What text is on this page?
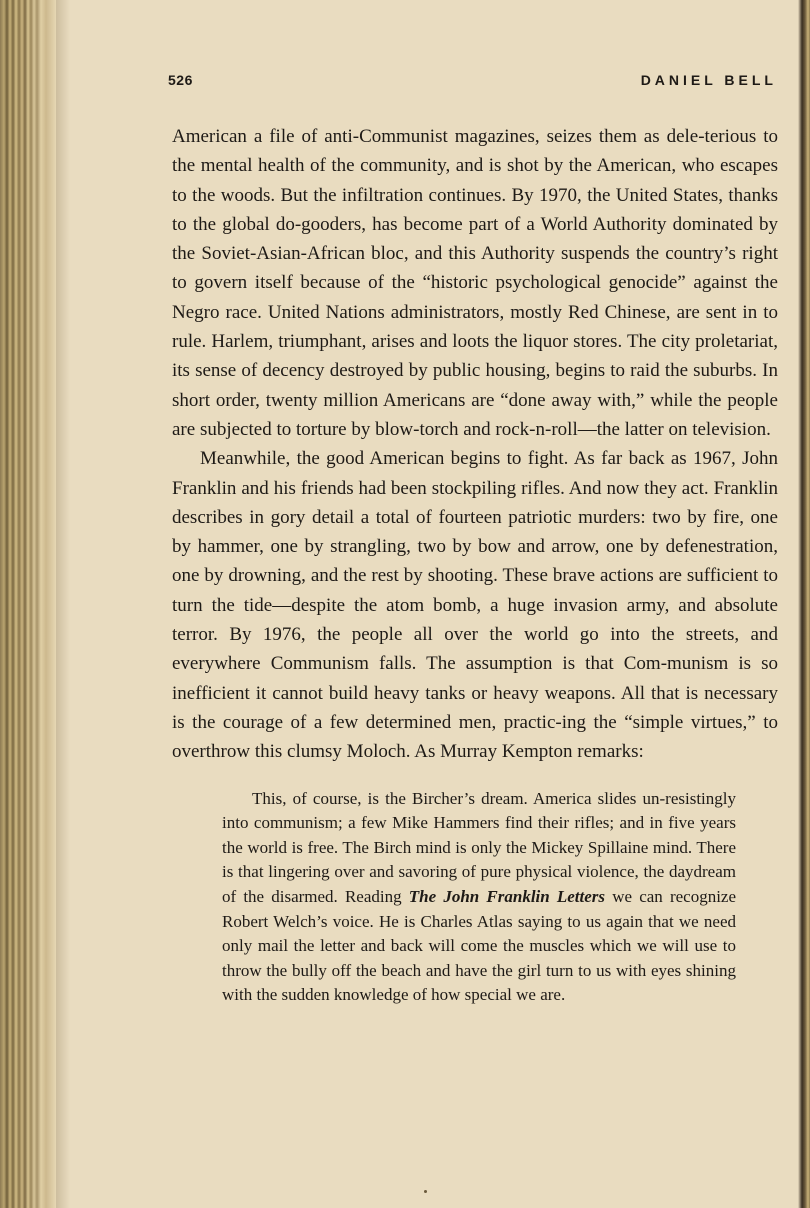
526	DANIEL BELL

American a file of anti-Communist magazines, seizes them as dele-terious to the mental health of the community, and is shot by the American, who escapes to the woods. But the infiltration continues. By 1970, the United States, thanks to the global do-gooders, has become part of a World Authority dominated by the Soviet-Asian-African bloc, and this Authority suspends the country’s right to govern itself because of the “historic psychological genocide” against the Negro race. United Nations administrators, mostly Red Chinese, are sent in to rule. Harlem, triumphant, arises and loots the liquor stores. The city proletariat, its sense of decency destroyed by public housing, begins to raid the suburbs. In short order, twenty million Americans are “done away with,” while the people are subjected to torture by blow-torch and rock-n-roll—the latter on television.

Meanwhile, the good American begins to fight. As far back as 1967, John Franklin and his friends had been stockpiling rifles. And now they act. Franklin describes in gory detail a total of fourteen patriotic murders: two by fire, one by hammer, one by strangling, two by bow and arrow, one by defenestration, one by drowning, and the rest by shooting. These brave actions are sufficient to turn the tide—despite the atom bomb, a huge invasion army, and absolute terror. By 1976, the people all over the world go into the streets, and everywhere Communism falls. The assumption is that Com-munism is so inefficient it cannot build heavy tanks or heavy weapons. All that is necessary is the courage of a few determined men, practic-ing the “simple virtues,” to overthrow this clumsy Moloch. As Murray Kempton remarks:

This, of course, is the Bircher’s dream. America slides un-resistingly into communism; a few Mike Hammers find their rifles; and in five years the world is free. The Birch mind is only the Mickey Spillaine mind. There is that lingering over and savoring of pure physical violence, the daydream of the disarmed. Reading The John Franklin Letters we can recognize Robert Welch’s voice. He is Charles Atlas saying to us again that we need only mail the letter and back will come the muscles which we will use to throw the bully off the beach and have the girl turn to us with eyes shining with the sudden knowledge of how special we are.
